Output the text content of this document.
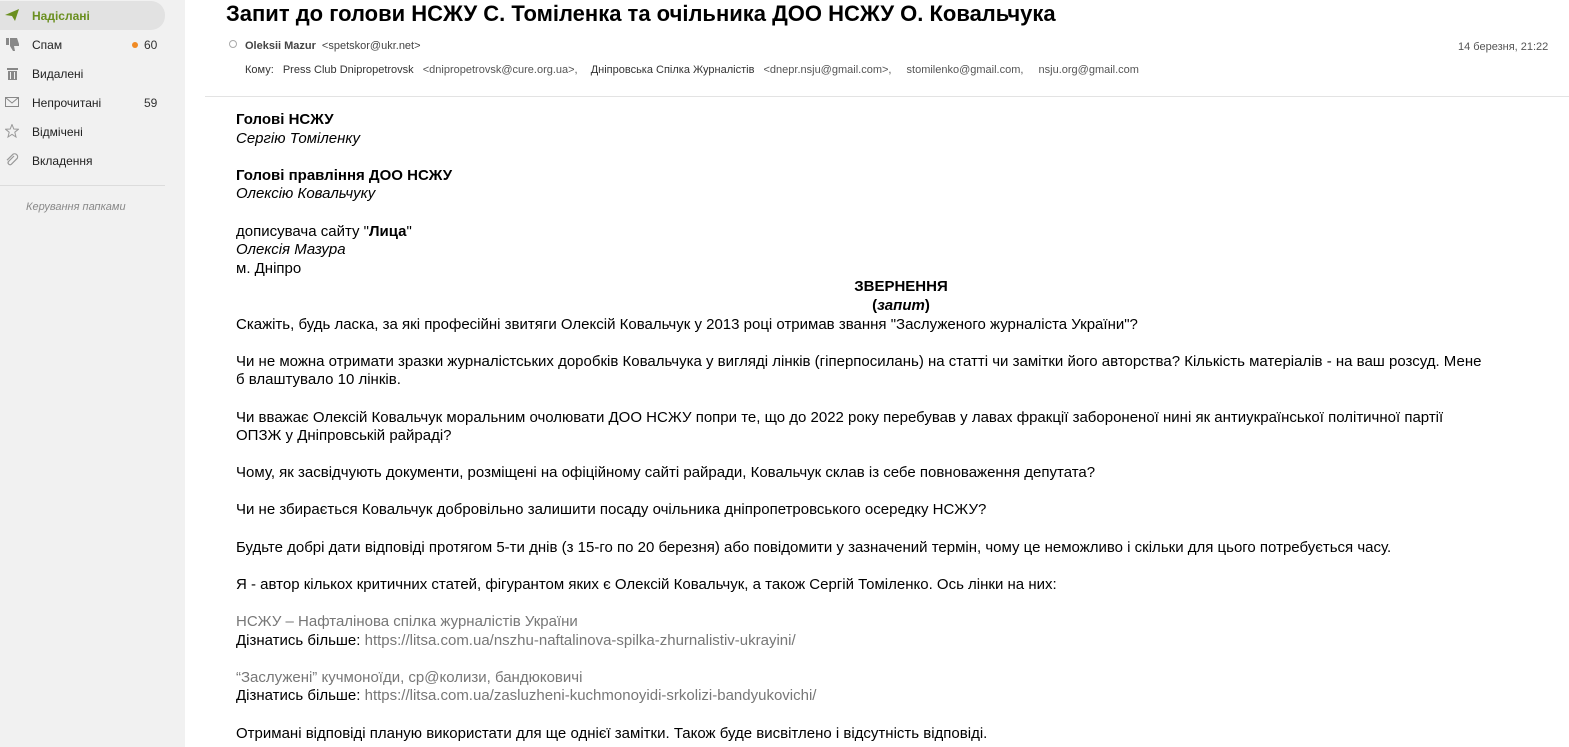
Надіслані
Спам	60
Видалені
Непрочитані	59
Відмічені
Вкладення
Керування папками
Запит до голови НСЖУ С. Томіленка та очільника ДОО НСЖУ О. Ковальчука
Oleksii Mazur <spetskor@ukr.net>	14 березня, 21:22
Кому: Press Club Dnipropetrovsk <dnipropetrovsk@cure.org.ua>, Дніпровська Спілка Журналістів <dnepr.nsju@gmail.com>, stomilenko@gmail.com, nsju.org@gmail.com

Голові НСЖУ

Сергію Томіленку

Голові правління ДОО НСЖУ

Олексію Ковальчуку

дописувача сайту "Лица"

Олексія Мазура

м. Дніпро

ЗВЕРНЕННЯ

(запит)

Скажіть, будь ласка, за які професійні звитяги Олексій Ковальчук у 2013 році отримав звання "Заслуженого журналіста України"?

Чи не можна отримати зразки журналістських доробків Ковальчука у вигляді лінків (гіперпосилань) на статті чи замітки його авторства? Кількість матеріалів - на ваш розсуд. Мене

б влаштувало 10 лінків.

Чи вважає Олексій Ковальчук моральним очолювати ДОО НСЖУ попри те, що до 2022 року перебував у лавах фракції забороненої нині як антиукраїнської політичної партії

ОПЗЖ у Дніпровській райраді?

Чому, як засвідчують документи, розміщені на офіційному сайті райради, Ковальчук склав із себе повноваження депутата?

Чи не збирається Ковальчук добровільно залишити посаду очільника дніпропетровського осередку НСЖУ?

Будьте добрі дати відповіді протягом 5-ти днів (з 15-го по 20 березня) або повідомити у зазначений термін, чому це неможливо і скільки для цього потребується часу.

Я - автор кількох критичних статей, фігурантом яких є Олексій Ковальчук, а також Сергій Томіленко. Ось лінки на них:

НСЖУ – Нафталінова спілка журналістів України

Дізнатись більше: https://litsa.com.ua/nszhu-naftalinova-spilka-zhurnalistiv-ukrayini/

“Заслужені” кучмоноїди, ср@колизи, бандюковичі

Дізнатись більше: https://litsa.com.ua/zasluzheni-kuchmonoyidi-srkolizi-bandyukovichi/

Отримані відповіді планую використати для ще однієї замітки. Також буде висвітлено і відсутність відповіді.
